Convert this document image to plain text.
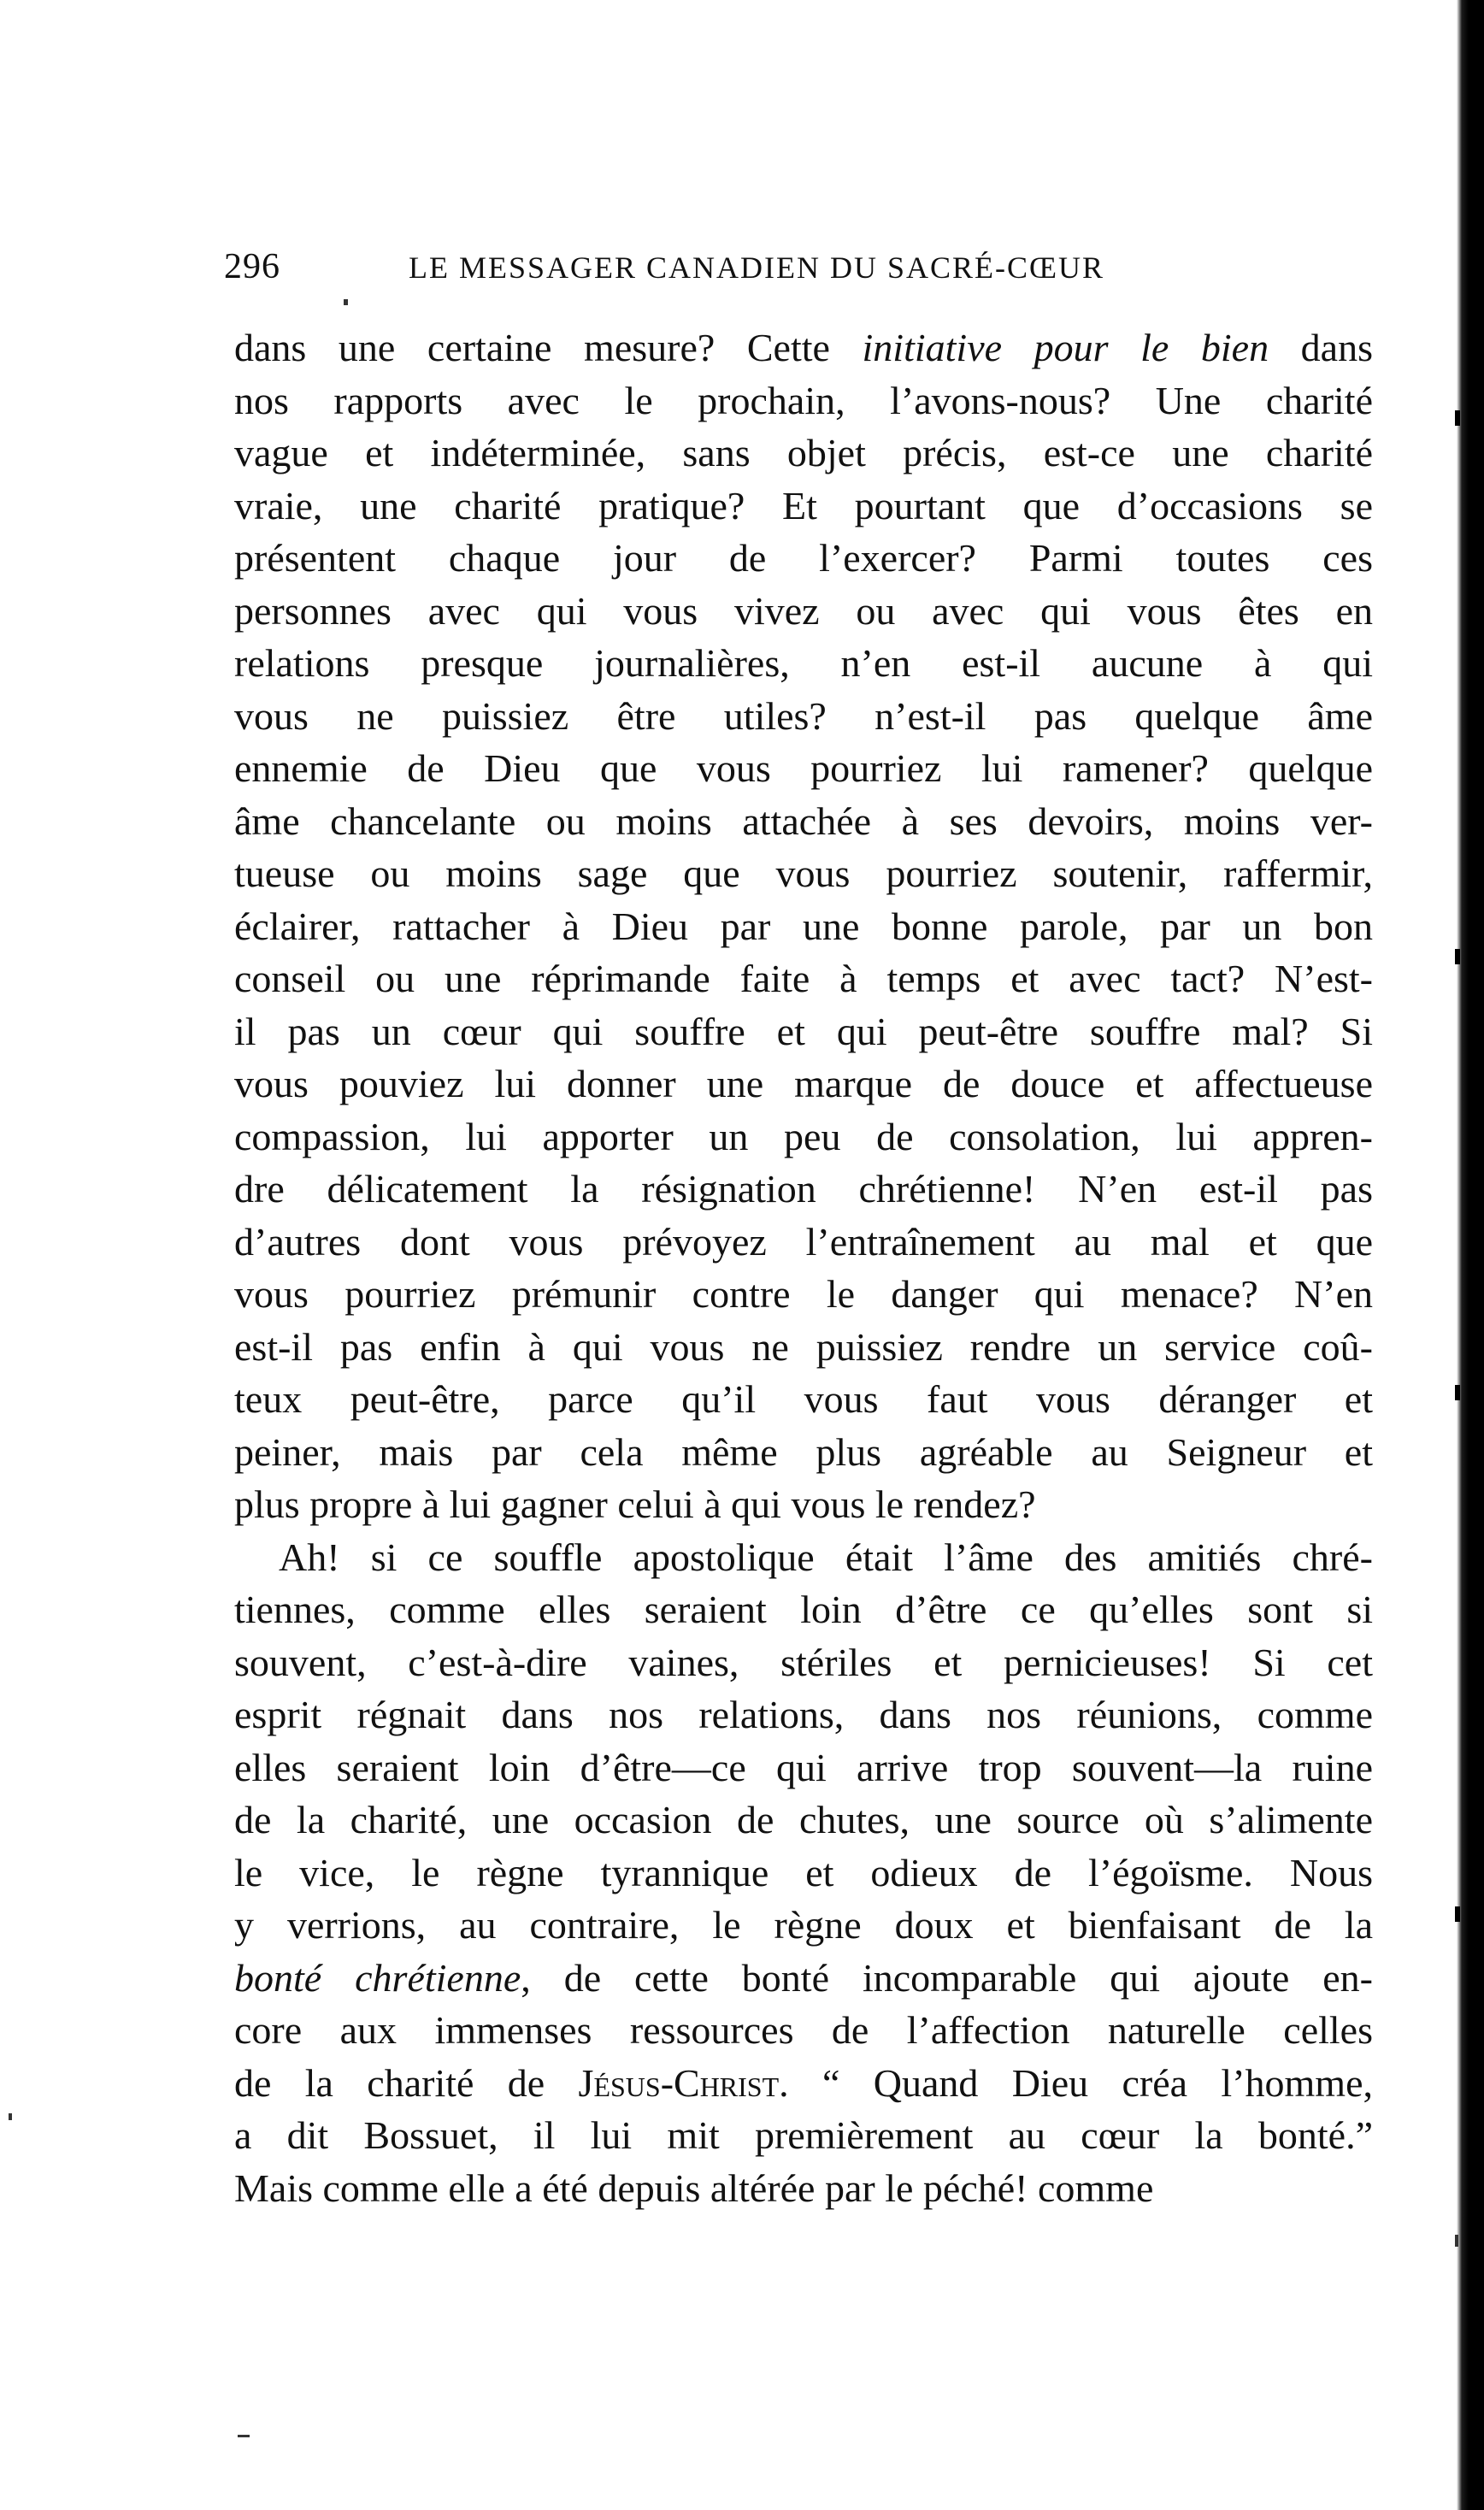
296	LE MESSAGER CANADIEN DU SACRÉ-CŒUR
dans une certaine mesure? Cette initiative pour le bien dans
nos rapports avec le prochain, l’avons-nous? Une charité
vague et indéterminée, sans objet précis, est-ce une charité
vraie, une charité pratique? Et pourtant que d’occasions se
présentent chaque jour de l’exercer? Parmi toutes ces
personnes avec qui vous vivez ou avec qui vous êtes en
relations presque journalières, n’en est-il aucune à qui
vous ne puissiez être utiles? n’est-il pas quelque âme
ennemie de Dieu que vous pourriez lui ramener? quelque
âme chancelante ou moins attachée à ses devoirs, moins ver-
tueuse ou moins sage que vous pourriez soutenir, raffermir,
éclairer, rattacher à Dieu par une bonne parole, par un bon
conseil ou une réprimande faite à temps et avec tact? N’est-
il pas un cœur qui souffre et qui peut-être souffre mal? Si
vous pouviez lui donner une marque de douce et affectueuse
compassion, lui apporter un peu de consolation, lui appren-
dre délicatement la résignation chrétienne! N’en est-il pas
d’autres dont vous prévoyez l’entraînement au mal et que
vous pourriez prémunir contre le danger qui menace? N’en
est-il pas enfin à qui vous ne puissiez rendre un service coû-
teux peut-être, parce qu’il vous faut vous déranger et
peiner, mais par cela même plus agréable au Seigneur et
plus propre à lui gagner celui à qui vous le rendez?
Ah! si ce souffle apostolique était l’âme des amitiés chré-
tiennes, comme elles seraient loin d’être ce qu’elles sont si
souvent, c’est-à-dire vaines, stériles et pernicieuses! Si cet
esprit régnait dans nos relations, dans nos réunions, comme
elles seraient loin d’être—ce qui arrive trop souvent—la ruine
de la charité, une occasion de chutes, une source où s’alimente
le vice, le règne tyrannique et odieux de l’égoïsme. Nous
y verrions, au contraire, le règne doux et bienfaisant de la
bonté chrétienne, de cette bonté incomparable qui ajoute en-
core aux immenses ressources de l’affection naturelle celles
de la charité de Jésus-Christ. “ Quand Dieu créa l’homme,
a dit Bossuet, il lui mit premièrement au cœur la bonté.”
Mais comme elle a été depuis altérée par le péché! comme
